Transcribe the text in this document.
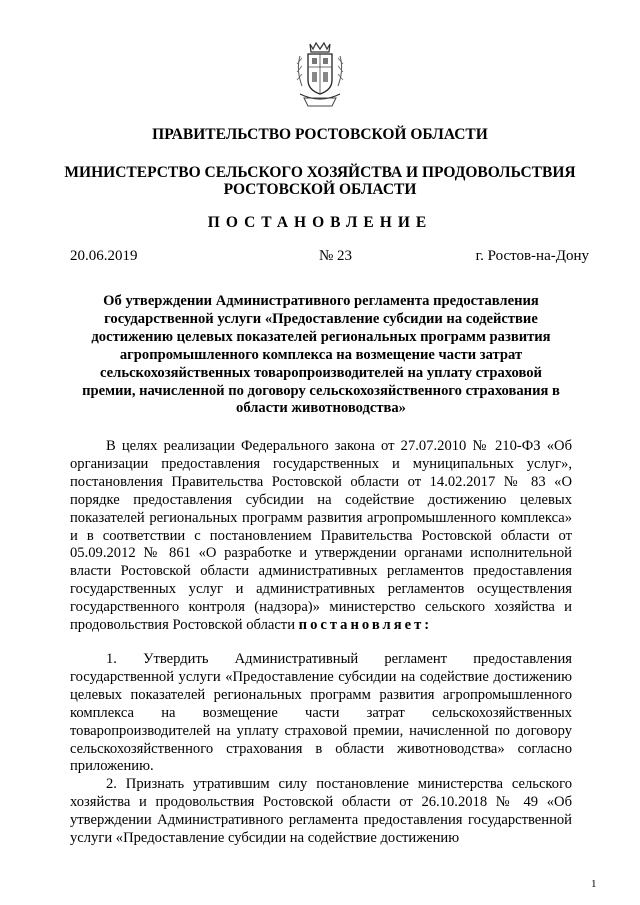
ПРАВИТЕЛЬСТВО РОСТОВСКОЙ ОБЛАСТИ
МИНИСТЕРСТВО СЕЛЬСКОГО ХОЗЯЙСТВА И ПРОДОВОЛЬСТВИЯ
РОСТОВСКОЙ ОБЛАСТИ
ПОСТАНОВЛЕНИЕ
20.06.2019	№ 23	г. Ростов-на-Дону
Об утверждении Административного регламента предоставления государственной услуги «Предоставление субсидии на содействие достижению целевых показателей региональных программ развития агропромышленного комплекса на возмещение части затрат сельскохозяйственных товаропроизводителей на уплату страховой премии, начисленной по договору сельскохозяйственного страхования в области животноводства»

В целях реализации Федерального закона от 27.07.2010 № 210-ФЗ «Об организации предоставления государственных и муниципальных услуг», постановления Правительства Ростовской области от 14.02.2017 № 83 «О порядке предоставления субсидии на содействие достижению целевых показателей региональных программ развития агропромышленного комплекса» и в соответствии с постановлением Правительства Ростовской области от 05.09.2012 № 861 «О разработке и утверждении органами исполнительной власти Ростовской области административных регламентов предоставления государственных услуг и административных регламентов осуществления государственного контроля (надзора)» министерство сельского хозяйства и продовольствия Ростовской области постановляет:

1. Утвердить Административный регламент предоставления государственной услуги «Предоставление субсидии на содействие достижению целевых показателей региональных программ развития агропромышленного комплекса на возмещение части затрат сельскохозяйственных товаропроизводителей на уплату страховой премии, начисленной по договору сельскохозяйственного страхования в области животноводства» согласно приложению.

2. Признать утратившим силу постановление министерства сельского хозяйства и продовольствия Ростовской области от 26.10.2018 № 49 «Об утверждении Административного регламента предоставления государственной услуги «Предоставление субсидии на содействие достижению

1
